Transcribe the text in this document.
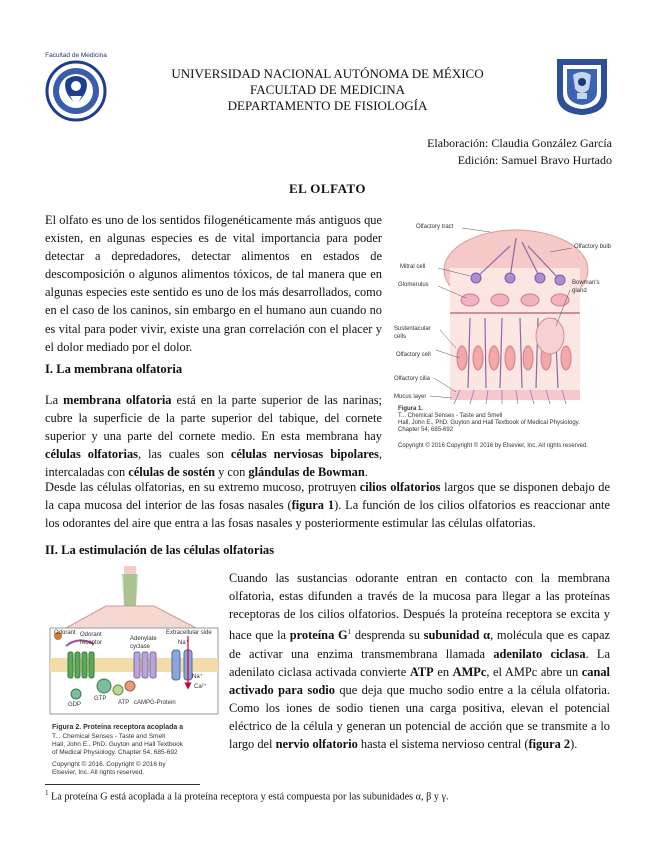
Facultad de Medicina
UNIVERSIDAD NACIONAL AUTÓNOMA DE MÉXICO
FACULTAD DE MEDICINA
DEPARTAMENTO DE FISIOLOGÍA
Elaboración: Claudia González García
Edición: Samuel Bravo Hurtado
EL OLFATO
El olfato es uno de los sentidos filogenéticamente más antiguos que existen, en algunas especies es de vital importancia para poder detectar a depredadores, detectar alimentos en estados de descomposición o algunos alimentos tóxicos, de tal manera que en algunas especies este sentido es uno de los más desarrollados, como en el caso de los caninos, sin embargo en el humano aun cuando no es vital para poder vivir, existe una gran correlación con el placer y el dolor mediado por el dolor.
I. La membrana olfatoria
La membrana olfatoria está en la parte superior de las narinas; cubre la superficie de la parte superior del tabique, del cornete superior y una parte del cornete medio. En esta membrana hay células olfatorias, las cuales son células nerviosas bipolares, intercaladas con células de sostén y con glándulas de Bowman.
Desde las células olfatorias, en su extremo mucoso, protruyen cilios olfatorios largos que se disponen debajo de la capa mucosa del interior de las fosas nasales (figura 1). La función de los cilios olfatorios es reaccionar ante los odorantes del aire que entra a las fosas nasales y posteriormente estimular las células olfatorias.
Olfactory tract
Olfactory bulb
Mitral cell
Glomerulus	Bowman's gland
Sustentacular cells
Olfactory cell
Olfactory cilia
Mucus layer
Figura 1.
T... Chemical Senses - Taste and Smell
Hall, John E., PhD. Guyton and Hall Textbook of Medical Physiology.
Chapter 54, 685-692
Copyright © 2016 Copyright © 2016 by Elsevier, Inc. All rights reserved.
II. La estimulación de las células olfatorias
Cuando las sustancias odorante entran en contacto con la membrana olfatoria, estas difunden a través de la mucosa para llegar a las proteínas receptoras de los cilios olfatorios. Después la proteína receptora se excita y hace que la proteína $G^1$ desprenda su subunidad α, molécula que es capaz de activar una enzima transmembrana llamada adenilato ciclasa. La adenilato ciclasa activada convierte ATP en AMPc, el AMPc abre un canal activado para sodio que deja que mucho sodio entre a la célula olfatoria. Como los iones de sodio tienen una carga positiva, elevan el potencial eléctrico de la célula y generan un potencial de acción que se transmite a lo largo del nervio olfatorio hasta el sistema nervioso central (figura 2).
Odorant Odorant receptor
Extracellular side
Adenylate cyclase
Na⁺
ATP cAMP G-Protein
GTP
GDP
Ca²⁺
Na⁺
Figura 2. Proteína receptora acoplada a
T... Chemical Senses - Taste and Smell
Hall, John E., PhD. Guyton and Hall Textbook
of Medical Physiology. Chapter 54, 685-692
Copyright © 2016. Copyright © 2016 by
Elsevier, Inc. All rights reserved.
$^1$ La proteína G está acoplada a la proteína receptora y está compuesta por las subunidades α, β y γ.
